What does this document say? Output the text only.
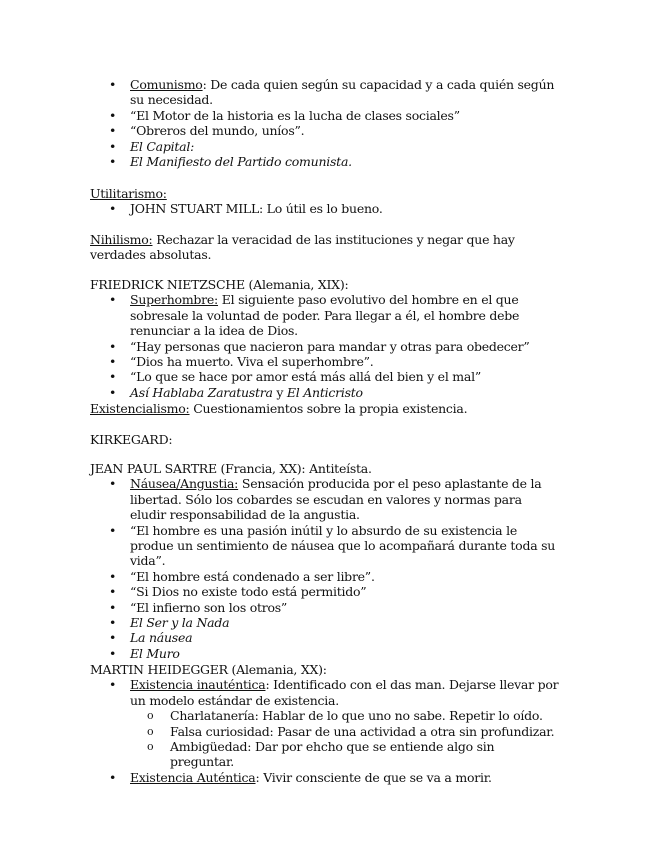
• Comunismo: De cada quien según su capacidad y a cada quién según su necesidad.
• “El Motor de la historia es la lucha de clases sociales”
• “Obreros del mundo, uníos”.
• El Capital:
• El Manifiesto del Partido comunista.

Utilitarismo:

• JOHN STUART MILL: Lo útil es lo bueno.

Nihilismo: Rechazar la veracidad de las instituciones y negar que hay verdades absolutas.

FRIEDRICK NIETZSCHE (Alemania, XIX):

• Superhombre: El siguiente paso evolutivo del hombre en el que sobresale la voluntad de poder. Para llegar a él, el hombre debe renunciar a la idea de Dios.
• “Hay personas que nacieron para mandar y otras para obedecer”
• “Dios ha muerto. Viva el superhombre”.
• “Lo que se hace por amor está más allá del bien y el mal”
• Así Hablaba Zaratustra y El Anticristo

Existencialismo: Cuestionamientos sobre la propia existencia.

KIRKEGARD:

JEAN PAUL SARTRE (Francia, XX): Antiteísta.

• Náusea/Angustia: Sensación producida por el peso aplastante de la libertad. Sólo los cobardes se escudan en valores y normas para eludir responsabilidad de la angustia.
• “El hombre es una pasión inútil y lo absurdo de su existencia le produe un sentimiento de náusea que lo acompañará durante toda su vida”.
• “El hombre está condenado a ser libre”.
• “Si Dios no existe todo está permitido”
• “El infierno son los otros”
• El Ser y la Nada
• La náusea
• El Muro

MARTIN HEIDEGGER (Alemania, XX):

• Existencia inauténtica: Identificado con el das man. Dejarse llevar por un modelo estándar de existencia.
o Charlatanería: Hablar de lo que uno no sabe. Repetir lo oído.
o Falsa curiosidad: Pasar de una actividad a otra sin profundizar.
o Ambigüedad: Dar por ehcho que se entiende algo sin preguntar.
• Existencia Auténtica: Vivir consciente de que se va a morir.
